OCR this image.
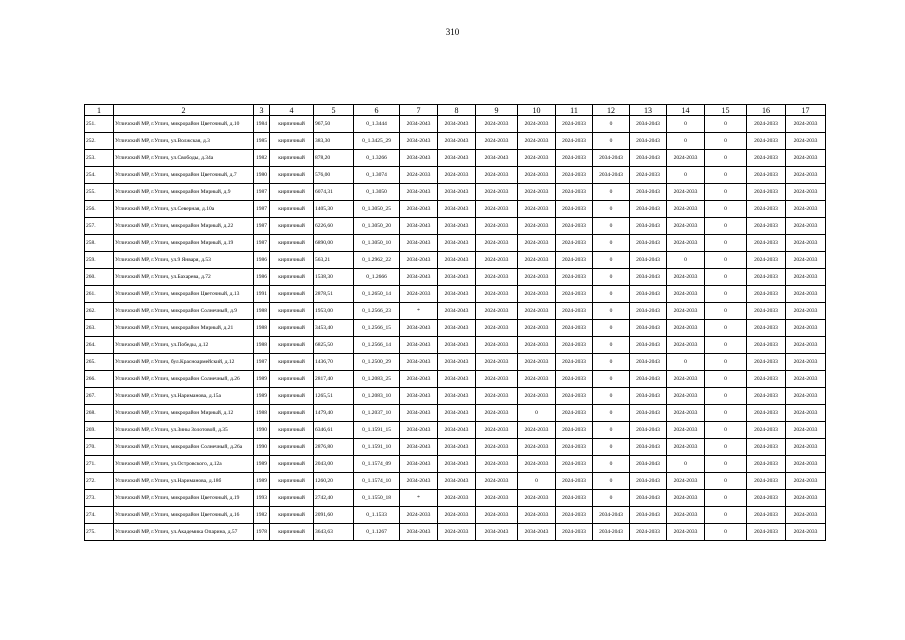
310
1	2	3	4	5	6	7	8	9	10	11	12	13	14	15	16	17
251.	Угличский МР, г.Углич, микрорайон Цветочный, д.10	1984	кирпичный	967,50	0_1.3444	2034-2043	2034-2043	2024-2033	2024-2033	2024-2033	0	2034-2043	0	0	2024-2033	2024-2033
252.	Угличский МР, г.Углич, ул.Волжская, д.3	1985	кирпичный	383,30	0_1.3425_29	2034-2043	2034-2043	2024-2033	2024-2033	2024-2033	0	2034-2043	0	0	2024-2033	2024-2033
253.	Угличский МР, г.Углич, ул.Свободы, д.34а	1982	кирпичный	878,20	0_1.3266	2034-2043	2034-2043	2034-2043	2024-2033	2024-2033	2034-2043	2034-2043	2024-2033	0	2024-2033	2024-2033
254.	Угличский МР, г.Углич, микрорайон Цветочный, д.7	1980	кирпичный	576,00	0_1.3074	2024-2033	2024-2033	2024-2033	2024-2033	2024-2033	2034-2043	2024-2033	0	0	2024-2033	2024-2033
255.	Угличский МР, г.Углич, микрорайон Мирный, д.9	1987	кирпичный	6074,31	0_1.3050	2034-2043	2034-2043	2024-2033	2024-2033	2024-2033	0	2034-2043	2024-2033	0	2024-2033	2024-2033
256.	Угличский МР, г.Углич, ул.Северная, д.10а	1987	кирпичный	1405,30	0_1.3050_25	2034-2043	2034-2043	2024-2033	2024-2033	2024-2033	0	2034-2043	2024-2033	0	2024-2033	2024-2033
257.	Угличский МР, г.Углич, микрорайон Мирный, д.22	1987	кирпичный	6226,60	0_1.3050_20	2034-2043	2034-2043	2024-2033	2024-2033	2024-2033	0	2034-2043	2024-2033	0	2024-2033	2024-2033
258.	Угличский МР, г.Углич, микрорайон Мирный, д.19	1987	кирпичный	6890,00	0_1.3050_10	2034-2043	2034-2043	2024-2033	2024-2033	2024-2033	0	2034-2043	2024-2033	0	2024-2033	2024-2033
259.	Угличский МР, г.Углич, ул.9 Января, д.53	1986	кирпичный	563,21	0_1.2962_22	2034-2043	2034-2043	2024-2033	2024-2033	2024-2033	0	2034-2043	0	0	2024-2033	2024-2033
260.	Угличский МР, г.Углич, ул.Бахарева, д.72	1986	кирпичный	1538,30	0_1.2666	2034-2043	2034-2043	2024-2033	2024-2033	2024-2033	0	2034-2043	2024-2033	0	2024-2033	2024-2033
261.	Угличский МР, г.Углич, микрорайон Цветочный, д.13	1991	кирпичный	2878,51	0_1.2650_14	2024-2033	2034-2043	2024-2033	2024-2033	2024-2033	0	2034-2043	2024-2033	0	2024-2033	2024-2033
262.	Угличский МР, г.Углич, микрорайон Солнечный, д.9	1988	кирпичный	1953,00	0_1.2566_23	*	2034-2043	2024-2033	2024-2033	2024-2033	0	2034-2043	2024-2033	0	2024-2033	2024-2033
263.	Угличский МР, г.Углич, микрорайон Мирный, д.21	1988	кирпичный	3453,40	0_1.2566_15	2034-2043	2034-2043	2024-2033	2024-2033	2024-2033	0	2034-2043	2024-2033	0	2024-2033	2024-2033
264.	Угличский МР, г.Углич, ул.Победы, д.12	1988	кирпичный	6825,50	0_1.2566_14	2034-2043	2034-2043	2024-2033	2024-2033	2024-2033	0	2034-2043	2024-2033	0	2024-2033	2024-2033
265.	Угличский МР, г.Углич, бул.Красноармейский, д.12	1987	кирпичный	1436,70	0_1.2500_29	2034-2043	2034-2043	2024-2033	2024-2033	2024-2033	0	2034-2043	0	0	2024-2033	2024-2033
266.	Угличский МР, г.Углич, микрорайон Солнечный, д.26	1989	кирпичный	2817,40	0_1.2083_25	2034-2043	2034-2043	2024-2033	2024-2033	2024-2033	0	2034-2043	2024-2033	0	2024-2033	2024-2033
267.	Угличский МР, г.Углич, ул.Нариманова, д.15а	1989	кирпичный	1265,51	0_1.2083_10	2034-2043	2034-2043	2024-2033	2024-2033	2024-2033	0	2034-2043	2024-2033	0	2024-2033	2024-2033
268.	Угличский МР, г.Углич, микрорайон Мирный, д.12	1988	кирпичный	1479,40	0_1.2037_10	2034-2043	2034-2043	2024-2033	0	2024-2033	0	2034-2043	2024-2033	0	2024-2033	2024-2033
269.	Угличский МР, г.Углич, ул.Зины Золотовой, д.35	1990	кирпичный	6346,61	0_1.1591_15	2034-2043	2034-2043	2024-2033	2024-2033	2024-2033	0	2034-2043	2024-2033	0	2024-2033	2024-2033
270.	Угличский МР, г.Углич, микрорайон Солнечный, д.26а	1990	кирпичный	2876,80	0_1.1591_10	2034-2043	2034-2043	2024-2033	2024-2033	2024-2033	0	2034-2043	2024-2033	0	2024-2033	2024-2033
271.	Угличский МР, г.Углич, ул.Островского, д.12а	1989	кирпичный	2043,00	0_1.1574_09	2034-2043	2034-2043	2024-2033	2024-2033	2024-2033	0	2034-2043	0	0	2024-2033	2024-2033
272.	Угличский МР, г.Углич, ул.Нариманова, д.18б	1989	кирпичный	1260,20	0_1.1574_10	2034-2043	2034-2043	2024-2033	0	2024-2033	0	2034-2043	2024-2033	0	2024-2033	2024-2033
273.	Угличский МР, г.Углич, микрорайон Цветочный, д.19	1993	кирпичный	2742,40	0_1.1550_18	*	2024-2033	2024-2033	2024-2033	2024-2033	0	2034-2043	2024-2033	0	2024-2033	2024-2033
274.	Угличский МР, г.Углич, микрорайон Цветочный, д.16	1982	кирпичный	2091,60	0_1.1533	2024-2033	2024-2033	2024-2033	2024-2033	2024-2033	2034-2043	2034-2043	2024-2033	0	2024-2033	2024-2033
275.	Угличский МР, г.Углич, ул.Академика Опарина, д.57	1978	кирпичный	3643,63	0_1.1267	2034-2043	2024-2033	2034-2043	2034-2043	2024-2033	2034-2043	2024-2033	2024-2033	0	2024-2033	2024-2033
